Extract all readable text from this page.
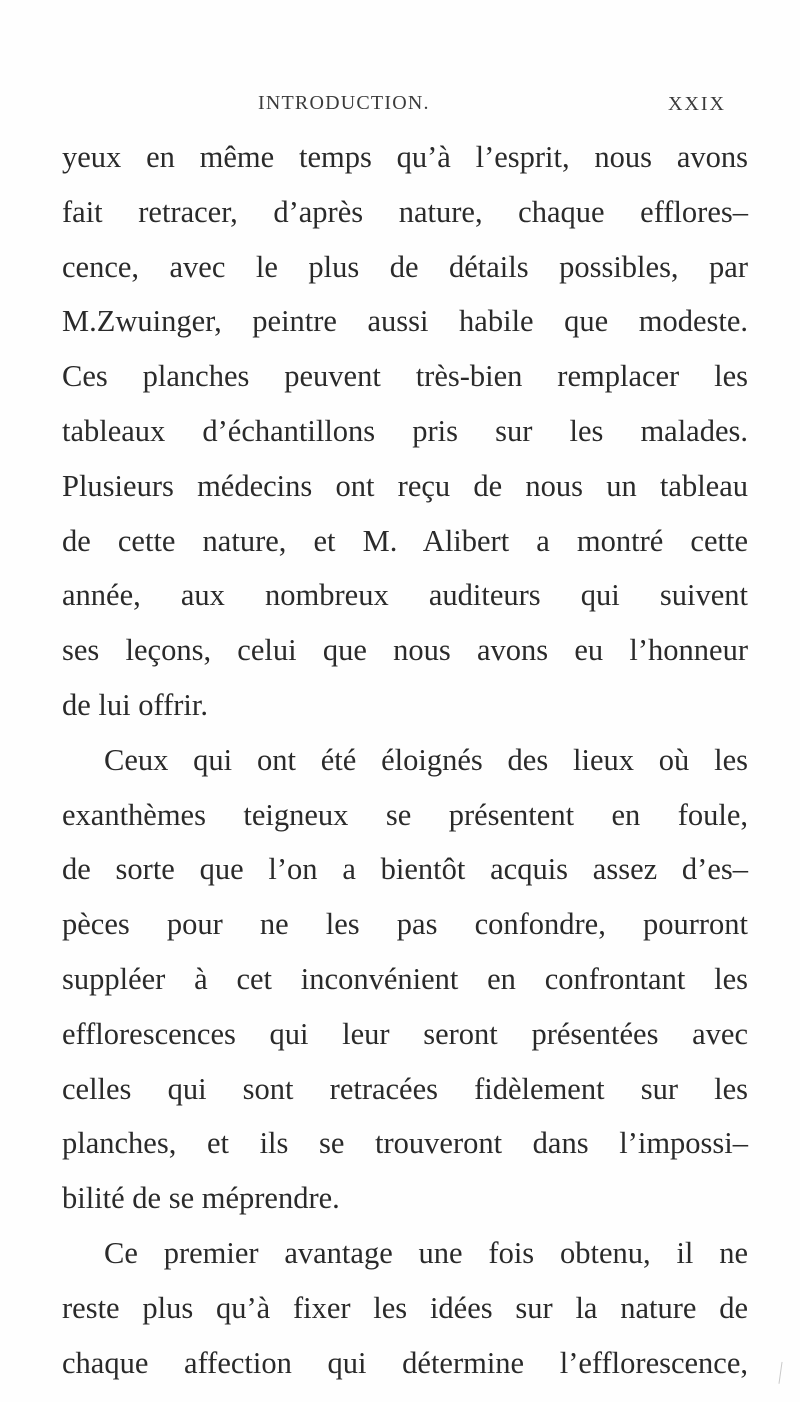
INTRODUCTION.	XXIX
yeux en même temps qu’à l’esprit, nous avons
fait retracer, d’après nature, chaque efflores–
cence, avec le plus de détails possibles, par
M.Zwuinger, peintre aussi habile que modeste.
Ces planches peuvent très-bien remplacer les
tableaux d’échantillons pris sur les malades.
Plusieurs médecins ont reçu de nous un tableau
de cette nature, et M. Alibert a montré cette
année, aux nombreux auditeurs qui suivent
ses leçons, celui que nous avons eu l’honneur
de lui offrir.
Ceux qui ont été éloignés des lieux où les
exanthèmes teigneux se présentent en foule,
de sorte que l’on a bientôt acquis assez d’es–
pèces pour ne les pas confondre, pourront
suppléer à cet inconvénient en confrontant les
efflorescences qui leur seront présentées avec
celles qui sont retracées fidèlement sur les
planches, et ils se trouveront dans l’impossi–
bilité de se méprendre.
Ce premier avantage une fois obtenu, il ne
reste plus qu’à fixer les idées sur la nature de
chaque affection qui détermine l’efflorescence,
